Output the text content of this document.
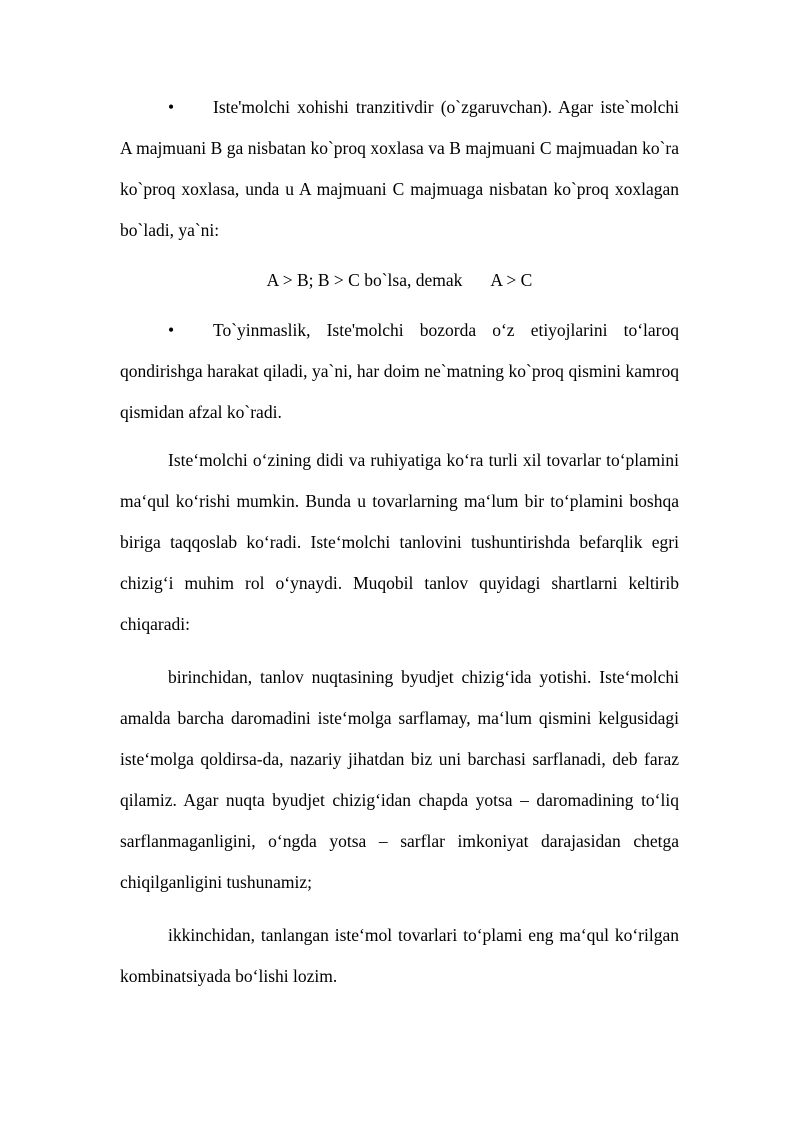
• Iste'molchi xohishi tranzitivdir (o`zgaruvchan). Agar iste`molchi A majmuani B ga nisbatan ko`proq xoxlasa va B majmuani C majmuadan ko`ra ko`proq xoxlasa, unda u A majmuani C majmuaga nisbatan ko`proq xoxlagan bo`ladi, ya`ni:

A > B; B > C bo`lsa, demak A > C

• To`yinmaslik, Iste'molchi bozorda o‘z etiyojlarini to‘laroq qondirishga harakat qiladi, ya`ni, har doim ne`matning ko`proq qismini kamroq qismidan afzal ko`radi.

Iste‘molchi o‘zining didi va ruhiyatiga ko‘ra turli xil tovarlar to‘plamini ma‘qul ko‘rishi mumkin. Bunda u tovarlarning ma‘lum bir to‘plamini boshqa biriga taqqoslab ko‘radi. Iste‘molchi tanlovini tushuntirishda befarqlik egri chizig‘i muhim rol o‘ynaydi. Muqobil tanlov quyidagi shartlarni keltirib chiqaradi:

birinchidan, tanlov nuqtasining byudjet chizig‘ida yotishi. Iste‘molchi amalda barcha daromadini iste‘molga sarflamay, ma‘lum qismini kelgusidagi iste‘molga qoldirsa-da, nazariy jihatdan biz uni barchasi sarflanadi, deb faraz qilamiz. Agar nuqta byudjet chizig‘idan chapda yotsa – daromadining to‘liq sarflanmaganligini, o‘ngda yotsa – sarflar imkoniyat darajasidan chetga chiqilganligini tushunamiz;

ikkinchidan, tanlangan iste‘mol tovarlari to‘plami eng ma‘qul ko‘rilgan kombinatsiyada bo‘lishi lozim.
